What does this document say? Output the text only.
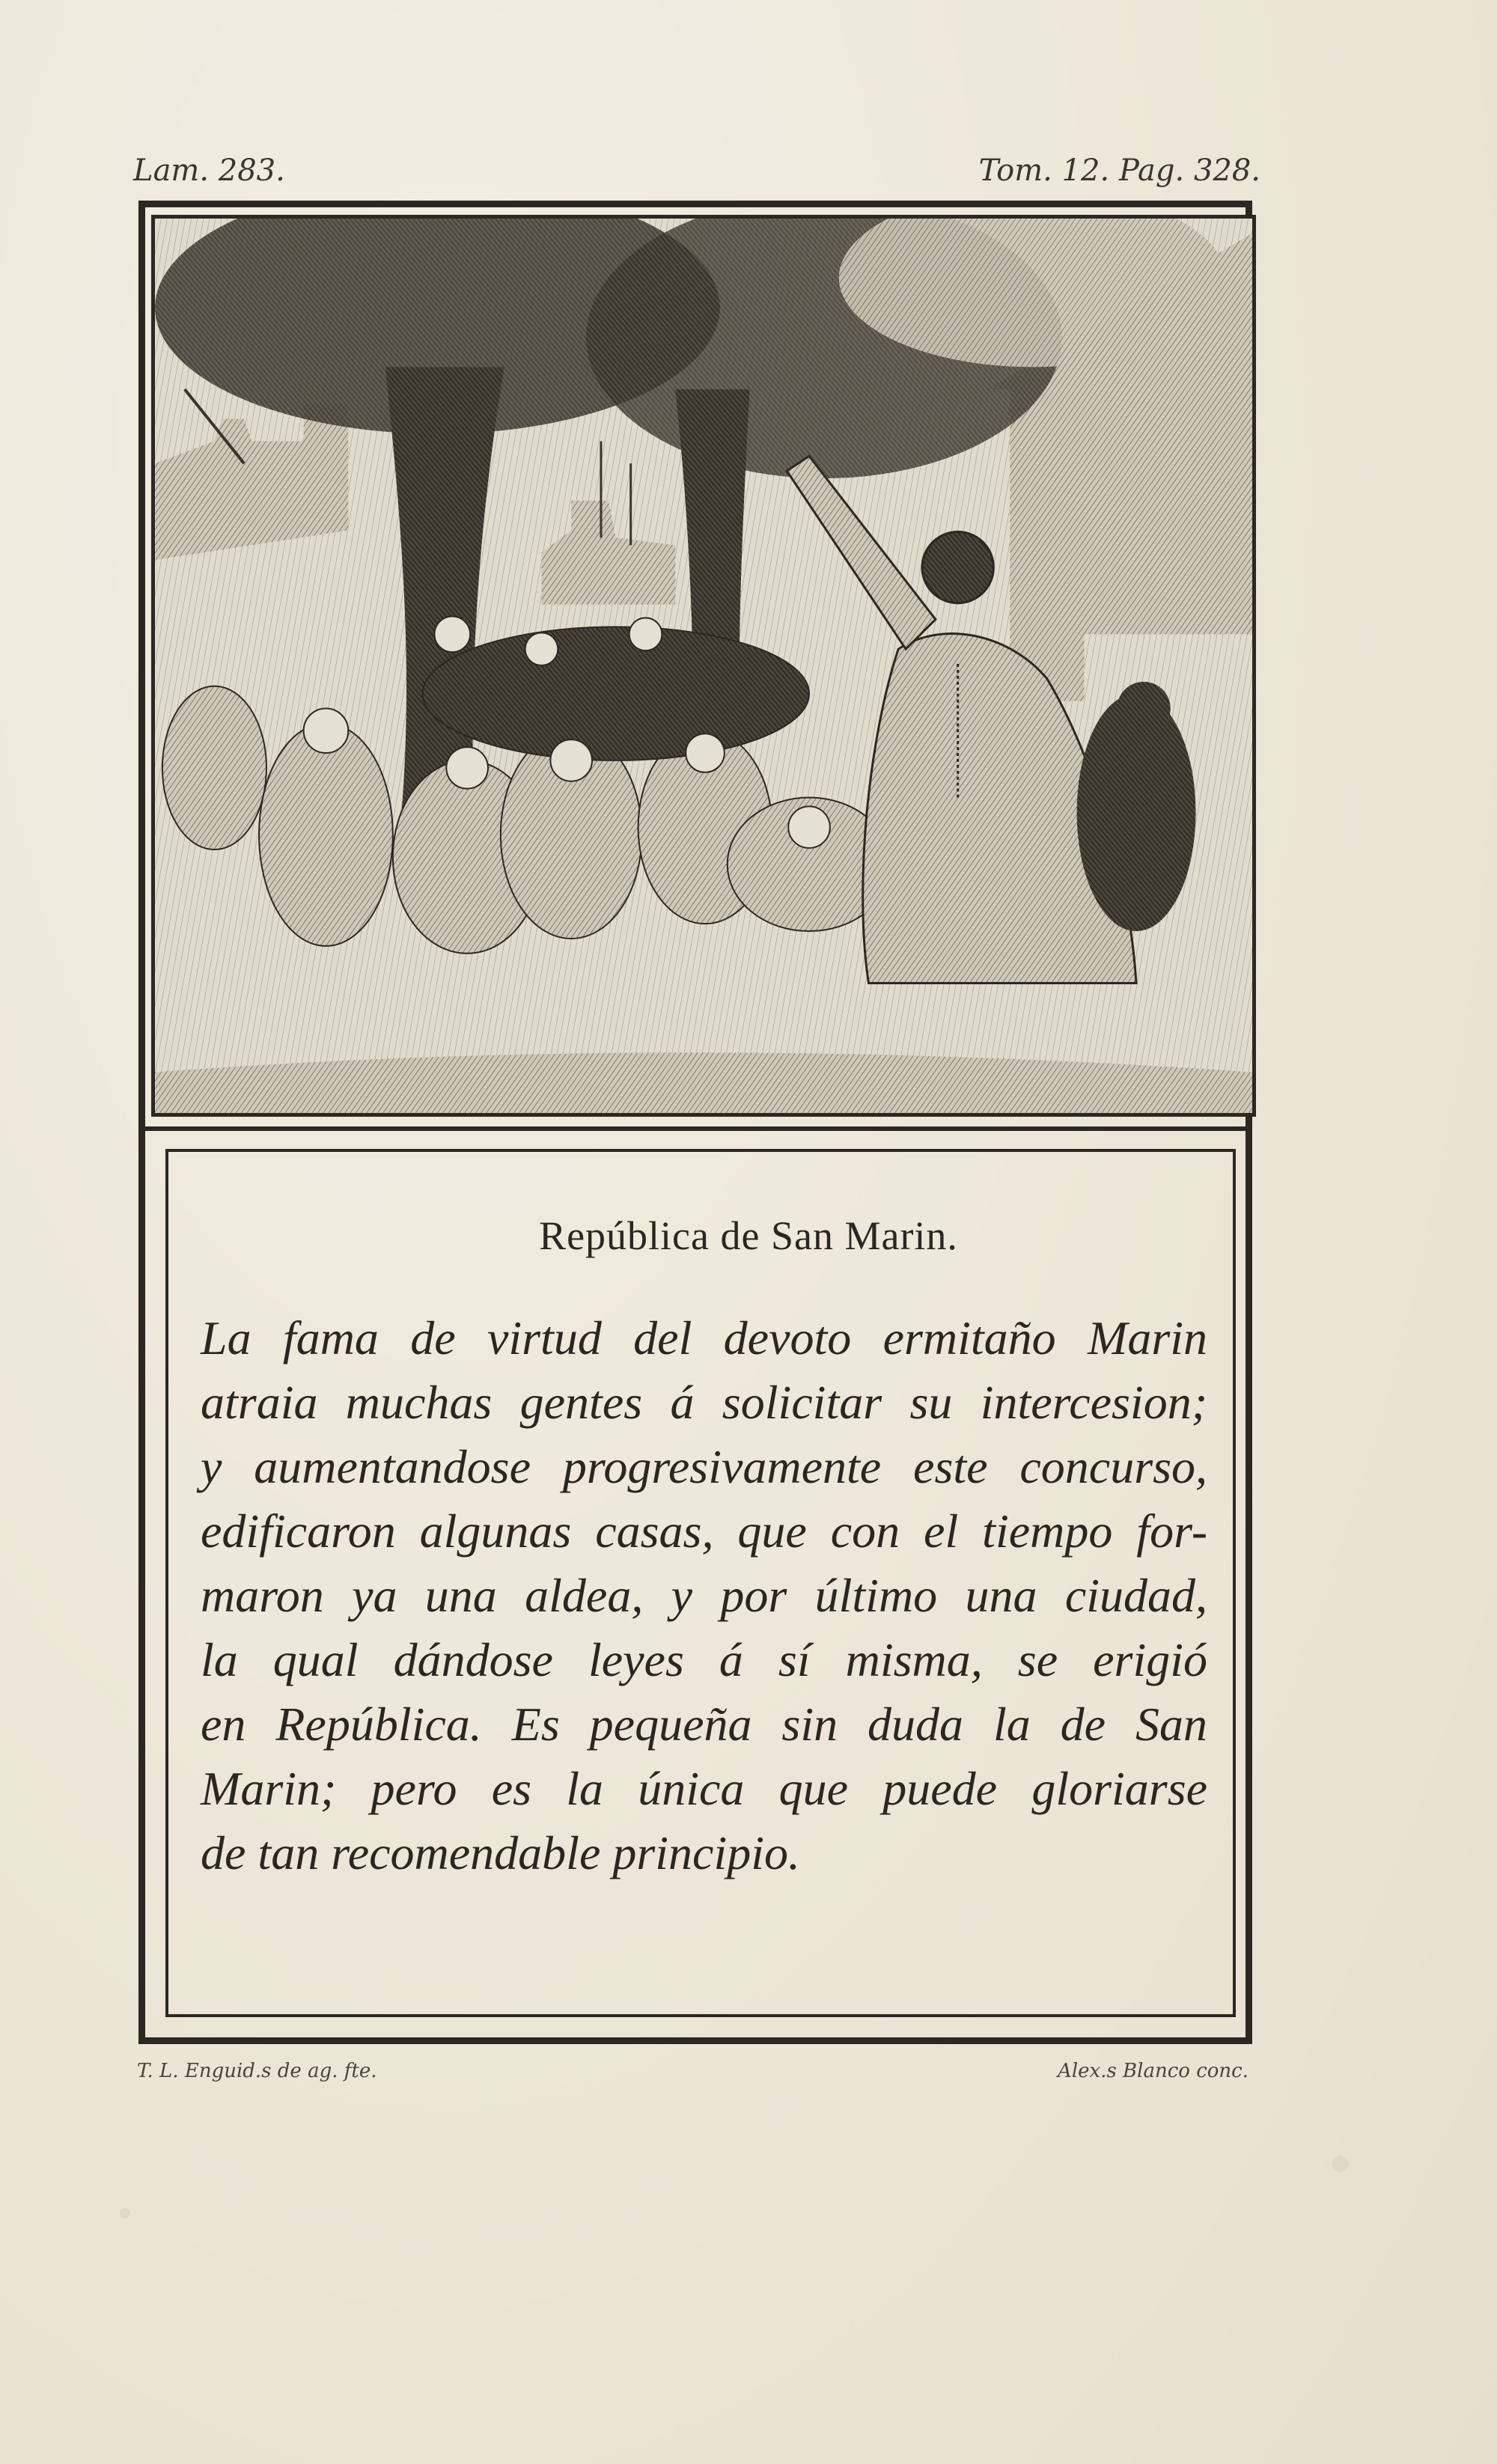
Lam. 283.	Tom. 12. Pag. 328.
República de San Marin.
La fama de virtud del devoto ermitaño Marin
atraia muchas gentes á solicitar su intercesion;
y aumentandose progresivamente este concurso,
edificaron algunas casas, que con el tiempo for-
maron ya una aldea, y por último una ciudad,
la qual dándose leyes á sí misma, se erigió
en República. Es pequeña sin duda la de San
Marin; pero es la única que puede gloriarse
de tan recomendable principio.
T. L. Enguid.s de ag. fte.	Alex.s Blanco conc.
